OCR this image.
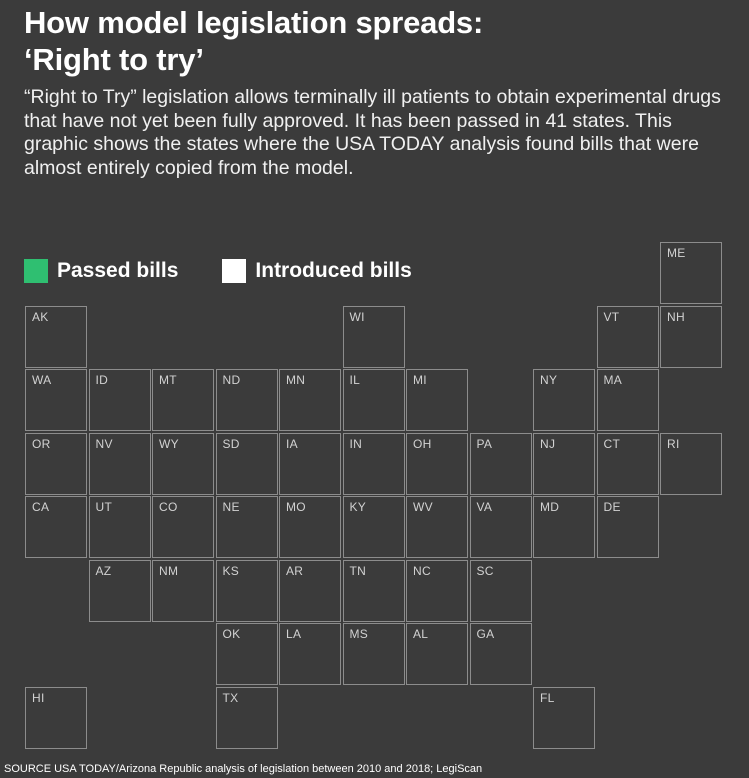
How model legislation spreads:
‘Right to try’

“Right to Try” legislation allows terminally ill patients to obtain experimental drugs that have not yet been fully approved. It has been passed in 41 states. This graphic shows the states where the USA TODAY analysis found bills that were almost entirely copied from the model.

Passed bills	Introduced bills
ME
AK	WI	VT	NH
WA	ID	MT	ND	MN	IL	MI	NY	MA
OR	NV	WY	SD	IA	IN	OH	PA	NJ	CT	RI
CA	UT	CO	NE	MO	KY	WV	VA	MD	DE
AZ	NM	KS	AR	TN	NC	SC
OK	LA	MS	AL	GA
HI	TX	FL
SOURCE USA TODAY/Arizona Republic analysis of legislation between 2010 and 2018; LegiScan
